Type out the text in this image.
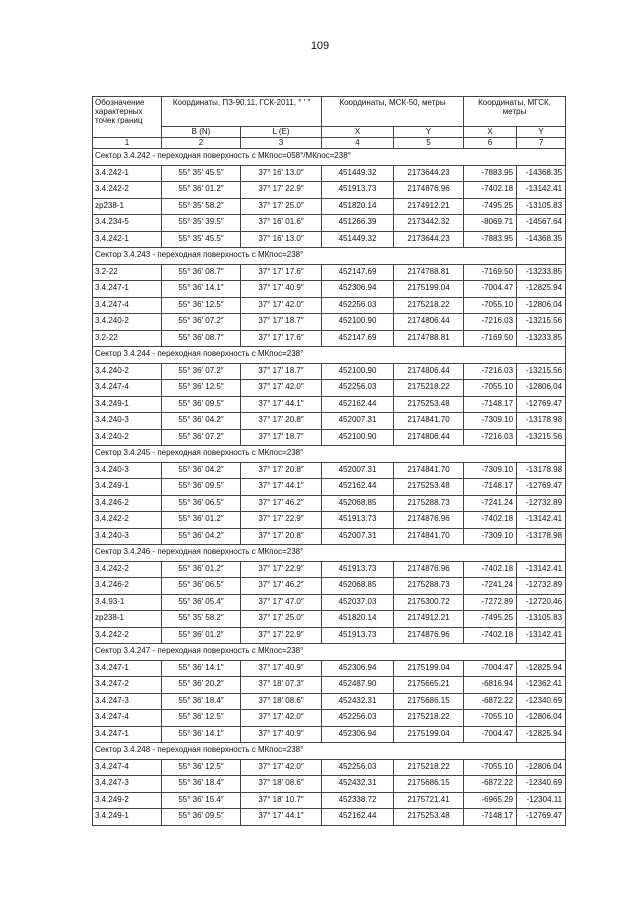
109
Обозначение характерных точек границ	Координаты, ПЗ-90.11, ГСК-2011, ° ′ ″		Координаты, МСК-50, метры		Координаты, МГСК, метры	
	B (N)	L (E)	X	Y	X	Y
1	2	3	4	5	6	7
Сектор 3.4.242 - переходная поверхность с МКпос=058°/МКпос=238°						
3.4.242-1	55° 35′ 45.5″	37° 16′ 13.0″	451449.32	2173644.23	-7883.95	-14368.35
3.4.242-2	55° 36′ 01.2″	37° 17′ 22.9″	451913.73	2174876.96	-7402.18	-13142.41
zp238-1	55° 35′ 58.2″	37° 17′ 25.0″	451820.14	2174912.21	-7495.25	-13105.83
3.4.234-5	55° 35′ 39.5″	37° 16′ 01.6″	451266.39	2173442.32	-8069.71	-14567.64
3.4.242-1	55° 35′ 45.5″	37° 16′ 13.0″	451449.32	2173644.23	-7883.95	-14368.35
Сектор 3.4.243 - переходная поверхность с МКпос=238°						
3.2-22	55° 36′ 08.7″	37° 17′ 17.6″	452147.69	2174788.81	-7169.50	-13233.85
3.4.247-1	55° 36′ 14.1″	37° 17′ 40.9″	452306.94	2175199.04	-7004.47	-12825.94
3.4.247-4	55° 36′ 12.5″	37° 17′ 42.0″	452256.03	2175218.22	-7055.10	-12806.04
3.4.240-2	55° 36′ 07.2″	37° 17′ 18.7″	452100.90	2174806.44	-7216.03	-13215.56
3.2-22	55° 36′ 08.7″	37° 17′ 17.6″	452147.69	2174788.81	-7169.50	-13233.85
Сектор 3.4.244 - переходная поверхность с МКпос=238°						
3.4.240-2	55° 36′ 07.2″	37° 17′ 18.7″	452100.90	2174806.44	-7216.03	-13215.56
3.4.247-4	55° 36′ 12.5″	37° 17′ 42.0″	452256.03	2175218.22	-7055.10	-12806.04
3.4.249-1	55° 36′ 09.5″	37° 17′ 44.1″	452162.44	2175253.48	-7148.17	-12769.47
3.4.240-3	55° 36′ 04.2″	37° 17′ 20.8″	452007.31	2174841.70	-7309.10	-13178.98
3.4.240-2	55° 36′ 07.2″	37° 17′ 18.7″	452100.90	2174806.44	-7216.03	-13215.56
Сектор 3.4.245 - переходная поверхность с МКпос=238°						
3.4.240-3	55° 36′ 04.2″	37° 17′ 20.8″	452007.31	2174841.70	-7309.10	-13178.98
3.4.249-1	55° 36′ 09.5″	37° 17′ 44.1″	452162.44	2175253.48	-7148.17	-12769.47
3.4.246-2	55° 36′ 06.5″	37° 17′ 46.2″	452068.85	2175288.73	-7241.24	-12732.89
3.4.242-2	55° 36′ 01.2″	37° 17′ 22.9″	451913.73	2174876.96	-7402.18	-13142.41
3.4.240-3	55° 36′ 04.2″	37° 17′ 20.8″	452007.31	2174841.70	-7309.10	-13178.98
Сектор 3.4.246 - переходная поверхность с МКпос=238°						
3.4.242-2	55° 36′ 01.2″	37° 17′ 22.9″	451913.73	2174876.96	-7402.18	-13142.41
3.4.246-2	55° 36′ 06.5″	37° 17′ 46.2″	452068.85	2175288.73	-7241.24	-12732.89
3.4.93-1	55° 36′ 05.4″	37° 17′ 47.0″	452037.03	2175300.72	-7272.89	-12720.46
zp238-1	55° 35′ 58.2″	37° 17′ 25.0″	451820.14	2174912.21	-7495.25	-13105.83
3.4.242-2	55° 36′ 01.2″	37° 17′ 22.9″	451913.73	2174876.96	-7402.18	-13142.41
Сектор 3.4.247 - переходная поверхность с МКпос=238°						
3.4.247-1	55° 36′ 14.1″	37° 17′ 40.9″	452306.94	2175199.04	-7004.47	-12825.94
3.4.247-2	55° 36′ 20.2″	37° 18′ 07.3″	452487.90	2175665.21	-6816.94	-12362.41
3.4.247-3	55° 36′ 18.4″	37° 18′ 08.6″	452432.31	2175686.15	-6872.22	-12340.69
3.4.247-4	55° 36′ 12.5″	37° 17′ 42.0″	452256.03	2175218.22	-7055.10	-12806.04
3.4.247-1	55° 36′ 14.1″	37° 17′ 40.9″	452306.94	2175199.04	-7004.47	-12825.94
Сектор 3.4.248 - переходная поверхность с МКпос=238°						
3.4.247-4	55° 36′ 12.5″	37° 17′ 42.0″	452256.03	2175218.22	-7055.10	-12806.04
3.4.247-3	55° 36′ 18.4″	37° 18′ 08.6″	452432.31	2175686.15	-6872.22	-12340.69
3.4.249-2	55° 36′ 15.4″	37° 18′ 10.7″	452338.72	2175721.41	-6965.29	-12304.11
3.4.249-1	55° 36′ 09.5″	37° 17′ 44.1″	452162.44	2175253.48	-7148.17	-12769.47
